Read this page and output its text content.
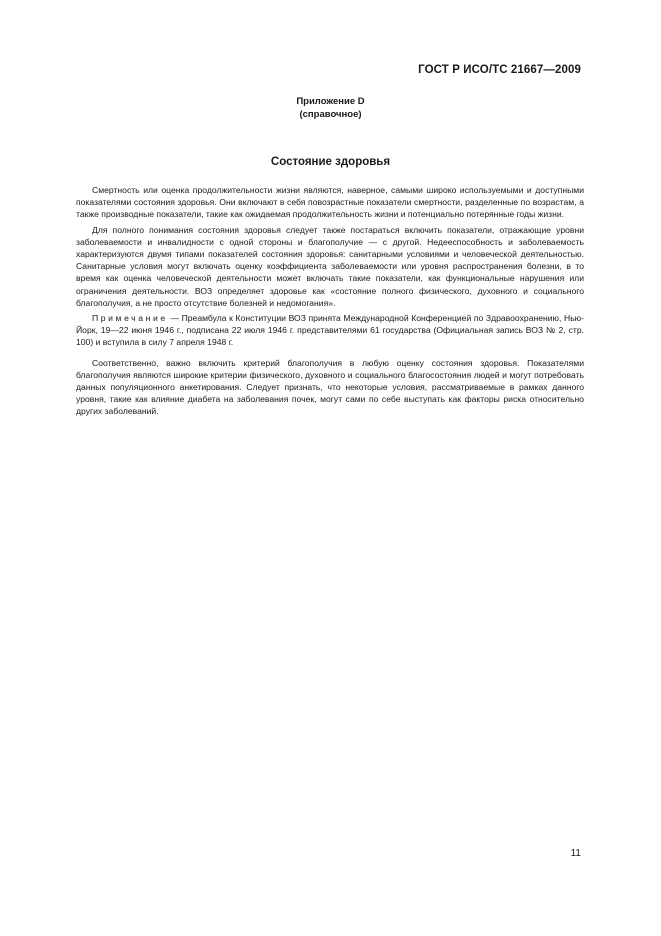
ГОСТ Р ИСО/ТС 21667—2009
Приложение D
(справочное)
Состояние здоровья

Смертность или оценка продолжительности жизни являются, наверное, самыми широко используемыми и доступными показателями состояния здоровья. Они включают в себя повозрастные показатели смертности, разделенные по возрастам, а также производные показатели, такие как ожидаемая продолжительность жизни и потенциально потерянные годы жизни.

Для полного понимания состояния здоровья следует также постараться включить показатели, отражающие уровни заболеваемости и инвалидности с одной стороны и благополучие — с другой. Недееспособность и заболеваемость характеризуются двумя типами показателей состояния здоровья: санитарными условиями и человеческой деятельностью. Санитарные условия могут включать оценку коэффициента заболеваемости или уровня распространения болезни, в то время как оценка человеческой деятельности может включать такие показатели, как функциональные нарушения или ограничения деятельности. ВОЗ определяет здоровье как «состояние полного физического, духовного и социального благополучия, а не просто отсутствие болезней и недомогания».

Примечание — Преамбула к Конституции ВОЗ принята Международной Конференцией по Здравоохранению, Нью-Йорк, 19—22 июня 1946 г., подписана 22 июля 1946 г. представителями 61 государства (Официальная запись ВОЗ № 2, стр. 100) и вступила в силу 7 апреля 1948 г.

Соответственно, важно включить критерий благополучия в любую оценку состояния здоровья. Показателями благополучия являются широкие критерии физического, духовного и социального благосостояния людей и могут потребовать данных популяционного анкетирования. Следует признать, что некоторые условия, рассматриваемые в рамках данного уровня, такие как влияние диабета на заболевания почек, могут сами по себе выступать как факторы риска относительно других заболеваний.

11
